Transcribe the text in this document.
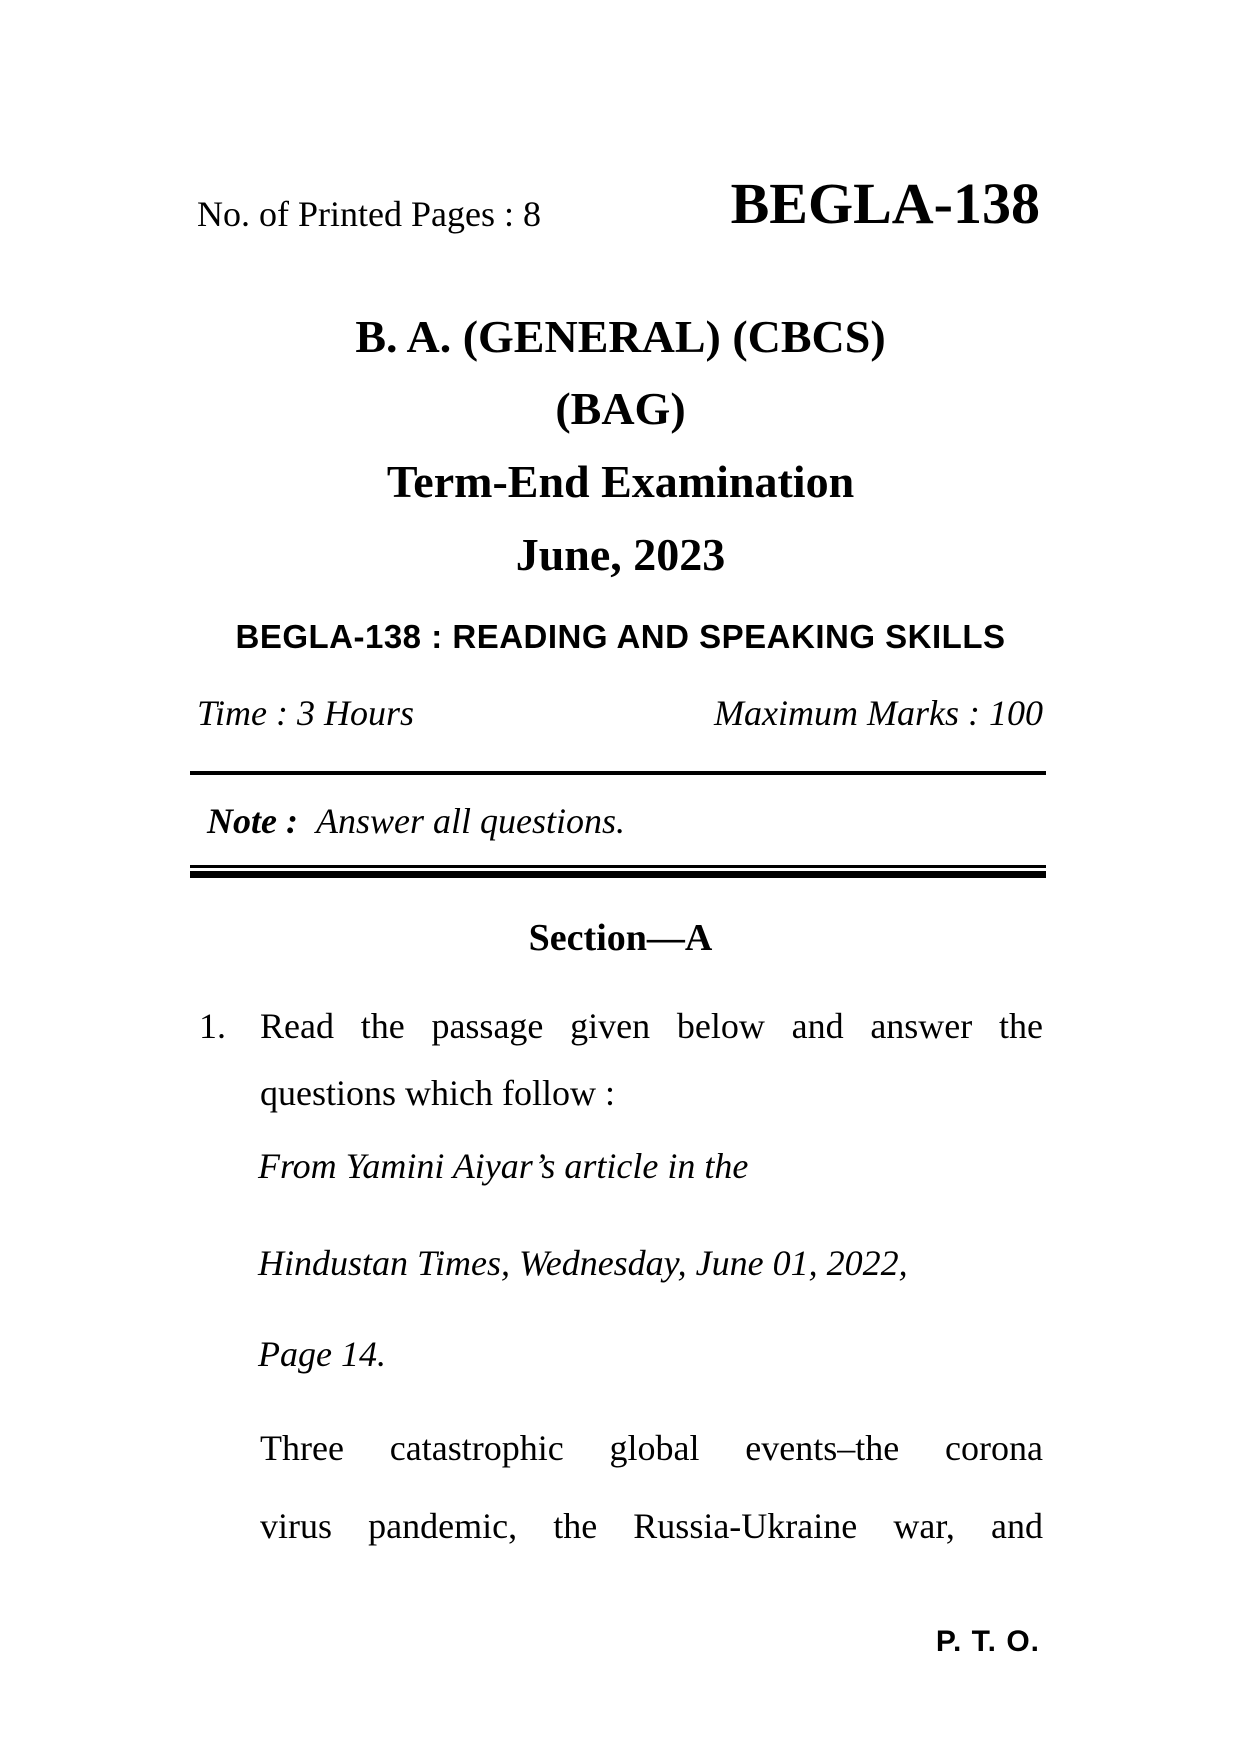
No. of Printed Pages : 8	BEGLA-138
B. A. (GENERAL) (CBCS)
(BAG)
Term-End Examination
June, 2023
BEGLA-138 : READING AND SPEAKING SKILLS
Time : 3 Hours	Maximum Marks : 100
Note : Answer all questions.
Section—A
1. Read the passage given below and answer the
questions which follow :
From Yamini Aiyar’s article in the
Hindustan Times, Wednesday, June 01, 2022,
Page 14.
Three catastrophic global events–the corona
virus pandemic, the Russia-Ukraine war, and
P. T. O.
